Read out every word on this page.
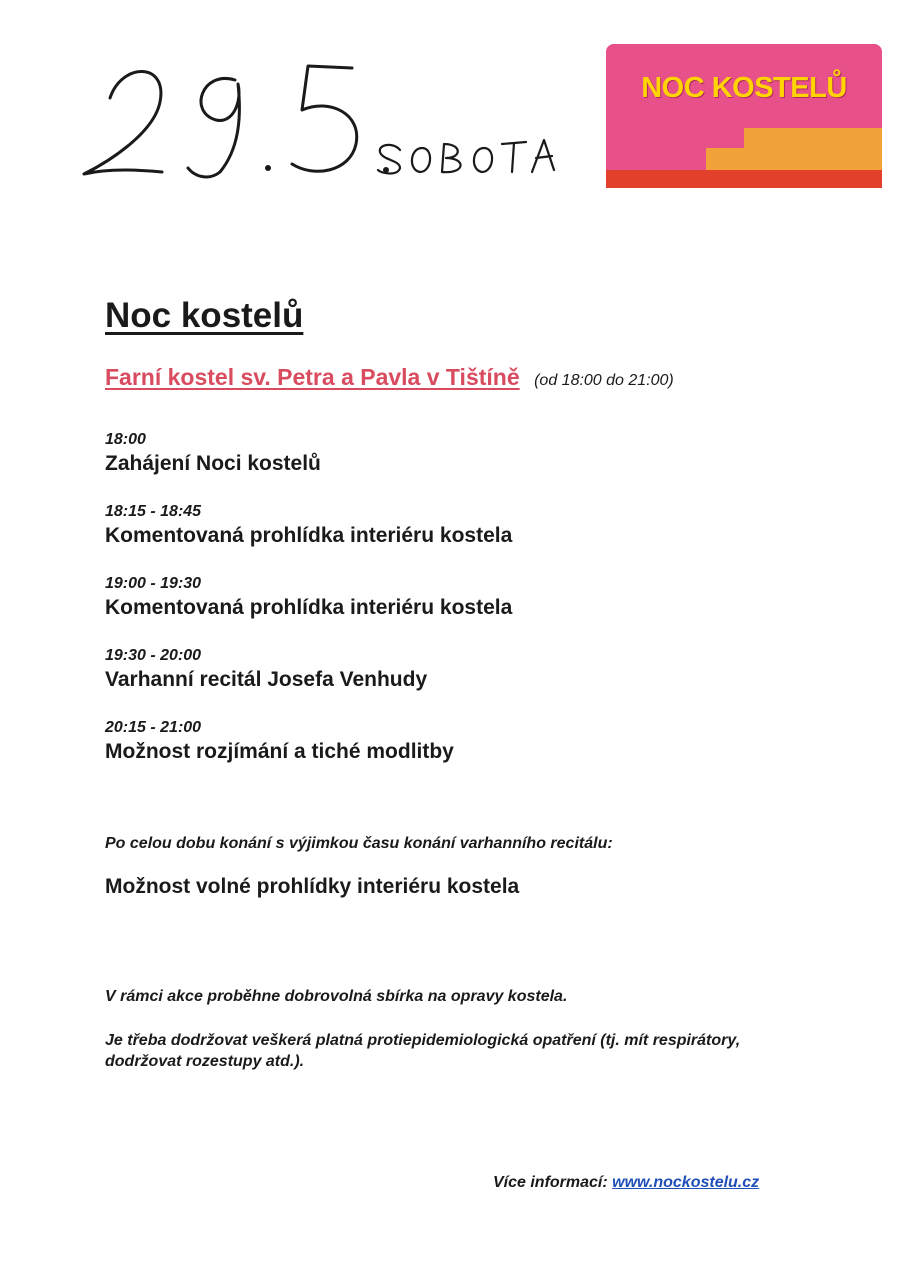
NOC KOSTELŮ
Noc kostelů
Farní kostel sv. Petra a Pavla v Tištíně (od 18:00 do 21:00)
18:00
Zahájení Noci kostelů
18:15 - 18:45
Komentovaná prohlídka interiéru kostela
19:00 - 19:30
Komentovaná prohlídka interiéru kostela
19:30 - 20:00
Varhanní recitál Josefa Venhudy
20:15 - 21:00
Možnost rozjímání a tiché modlitby
Po celou dobu konání s výjimkou času konání varhanního recitálu:
Možnost volné prohlídky interiéru kostela
V rámci akce proběhne dobrovolná sbírka na opravy kostela.
Je třeba dodržovat veškerá platná protiepidemiologická opatření (tj. mít respirátory, dodržovat rozestupy atd.).
Více informací: www.nockostelu.cz
